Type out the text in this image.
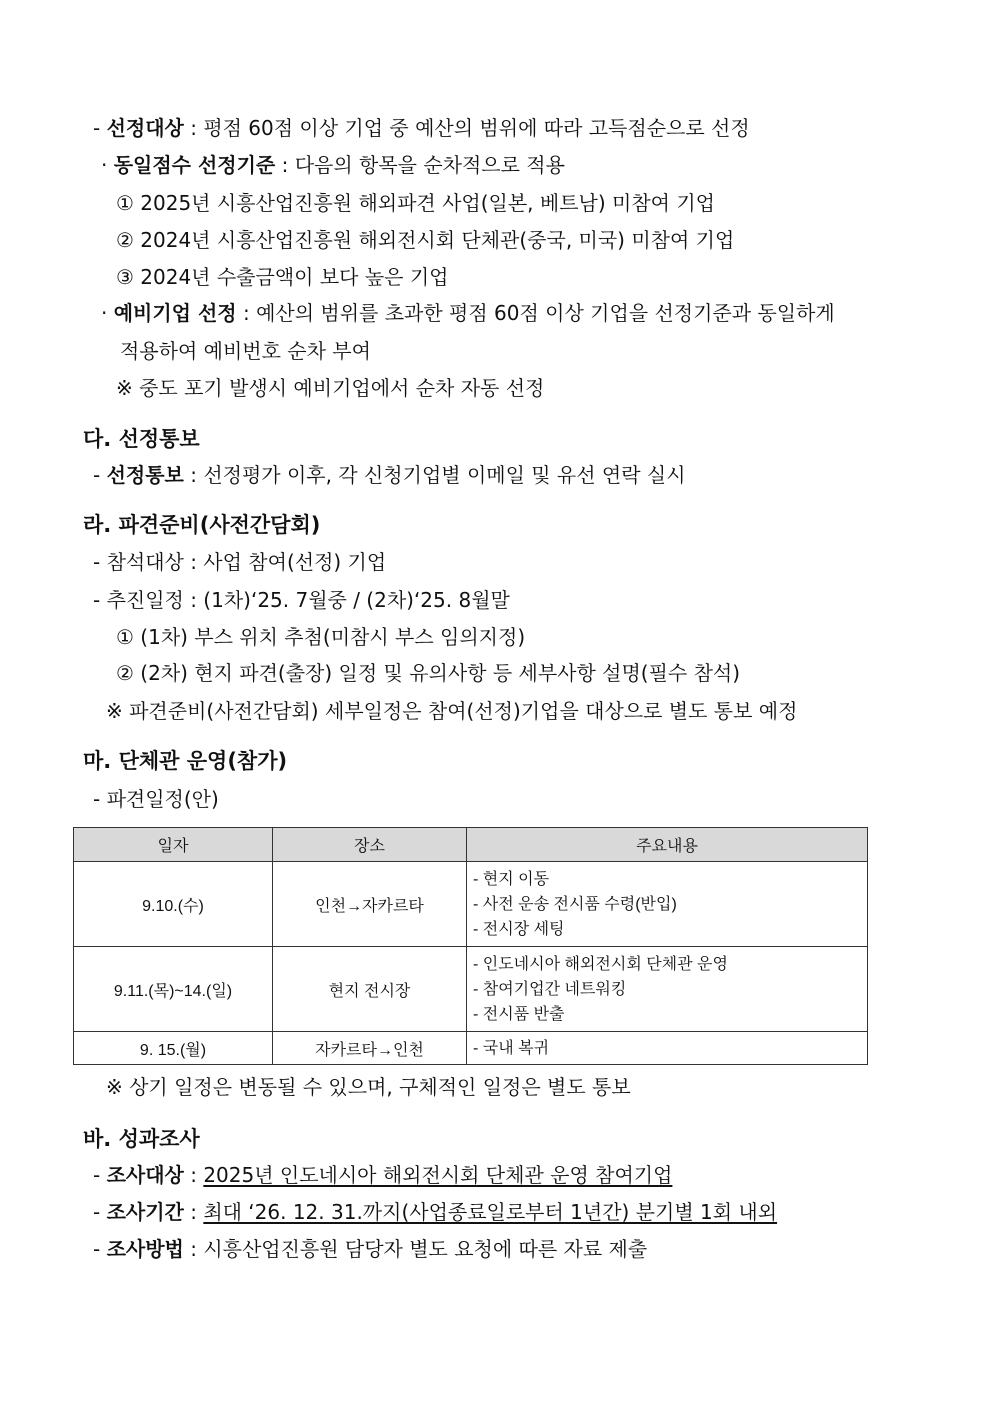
- 선정대상 : 평점 60점 이상 기업 중 예산의 범위에 따라 고득점순으로 선정
· 동일점수 선정기준 : 다음의 항목을 순차적으로 적용
① 2025년 시흥산업진흥원 해외파견 사업(일본, 베트남) 미참여 기업
② 2024년 시흥산업진흥원 해외전시회 단체관(중국, 미국) 미참여 기업
③ 2024년 수출금액이 보다 높은 기업
· 예비기업 선정 : 예산의 범위를 초과한 평점 60점 이상 기업을 선정기준과 동일하게
적용하여 예비번호 순차 부여
※ 중도 포기 발생시 예비기업에서 순차 자동 선정
다. 선정통보
- 선정통보 : 선정평가 이후, 각 신청기업별 이메일 및 유선 연락 실시
라. 파견준비(사전간담회)
- 참석대상 : 사업 참여(선정) 기업
- 추진일정 : (1차)‘25. 7월중 / (2차)‘25. 8월말
① (1차) 부스 위치 추첨(미참시 부스 임의지정)
② (2차) 현지 파견(출장) 일정 및 유의사항 등 세부사항 설명(필수 참석)
※ 파견준비(사전간담회) 세부일정은 참여(선정)기업을 대상으로 별도 통보 예정
마. 단체관 운영(참가)
- 파견일정(안)
일자	장소	주요내용
9.10.(수)	인천→자카르타	- 현지 이동
- 사전 운송 전시품 수령(반입)
- 전시장 세팅

9.11.(목)~14.(일)	현지 전시장	- 인도네시아 해외전시회 단체관 운영
- 참여기업간 네트워킹
- 전시품 반출

9. 15.(월)	자카르타→인천	- 국내 복귀
※ 상기 일정은 변동될 수 있으며, 구체적인 일정은 별도 통보
바. 성과조사
- 조사대상 : 2025년 인도네시아 해외전시회 단체관 운영 참여기업
- 조사기간 : 최대 ‘26. 12. 31.까지(사업종료일로부터 1년간) 분기별 1회 내외
- 조사방법 : 시흥산업진흥원 담당자 별도 요청에 따른 자료 제출
